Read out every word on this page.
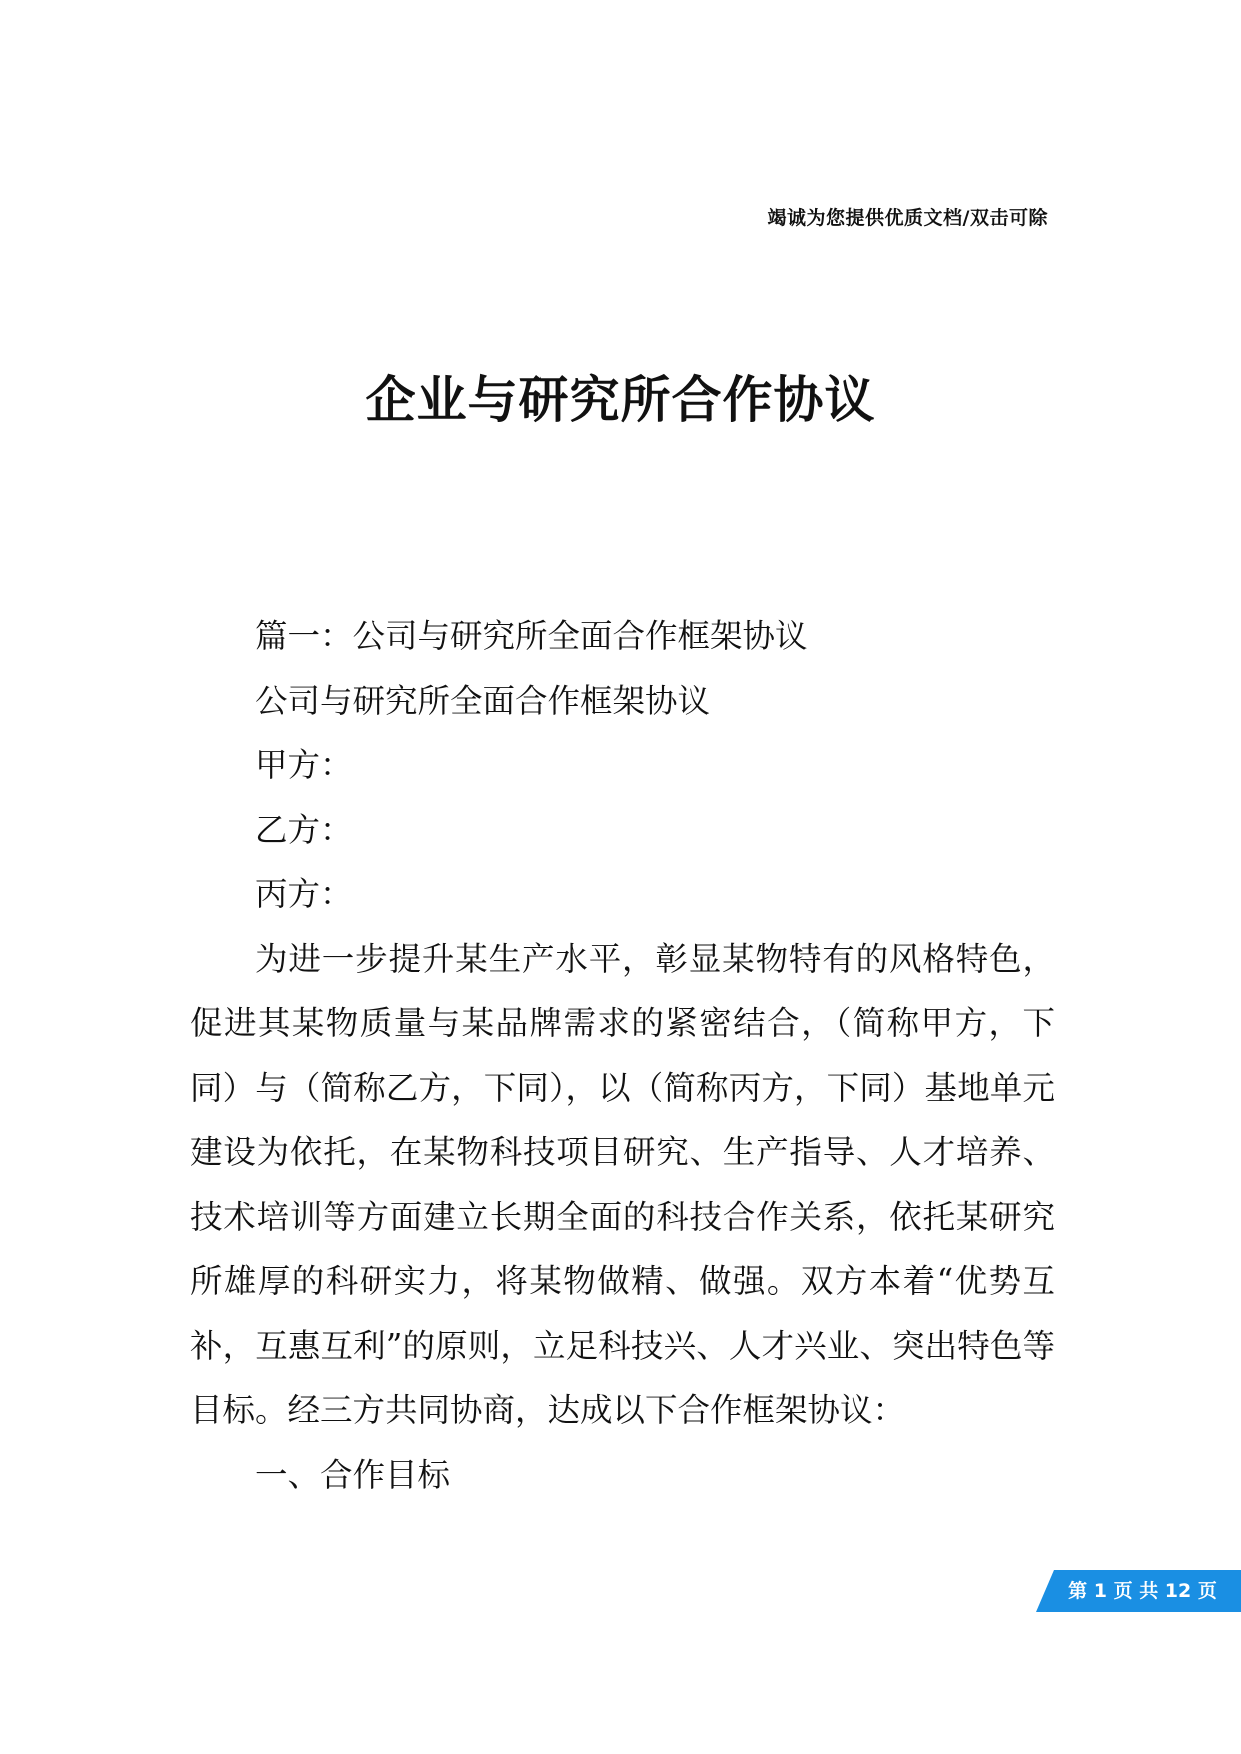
竭诚为您提供优质文档/双击可除
企业与研究所合作协议

篇一：公司与研究所全面合作框架协议

公司与研究所全面合作框架协议

甲方：

乙方：

丙方：

为进一步提升某生产水平，彰显某物特有的风格特色，促进其某物质量与某品牌需求的紧密结合，（简称甲方，下同）与（简称乙方，下同），以（简称丙方，下同）基地单元建设为依托，在某物科技项目研究、生产指导、人才培养、技术培训等方面建立长期全面的科技合作关系，依托某研究所雄厚的科研实力，将某物做精、做强。双方本着“优势互补，互惠互利”的原则，立足科技兴、人才兴业、突出特色等目标。经三方共同协商，达成以下合作框架协议：

一、合作目标

第 1 页 共 12 页
